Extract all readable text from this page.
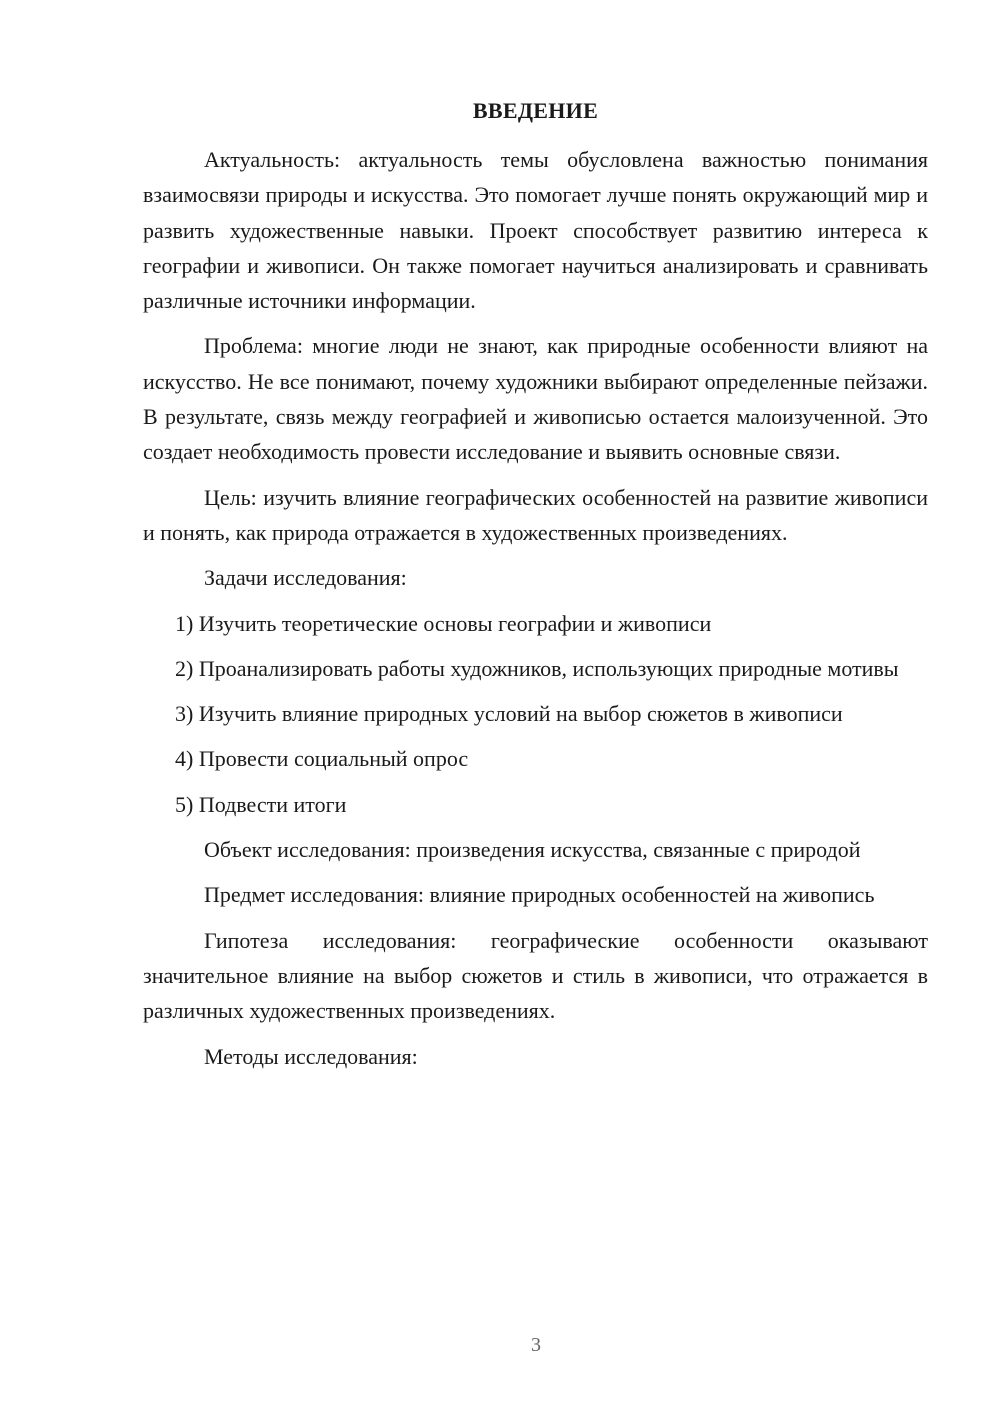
ВВЕДЕНИЕ

Актуальность: актуальность темы обусловлена важностью понимания взаимосвязи природы и искусства. Это помогает лучше понять окружающий мир и развить художественные навыки. Проект способствует развитию интереса к географии и живописи. Он также помогает научиться анализировать и сравнивать различные источники информации.

Проблема: многие люди не знают, как природные особенности влияют на искусство. Не все понимают, почему художники выбирают определенные пейзажи. В результате, связь между географией и живописью остается малоизученной. Это создает необходимость провести исследование и выявить основные связи.

Цель: изучить влияние географических особенностей на развитие живописи и понять, как природа отражается в художественных произведениях.

Задачи исследования:

1) Изучить теоретические основы географии и живописи

2) Проанализировать работы художников, использующих природные мотивы

3) Изучить влияние природных условий на выбор сюжетов в живописи

4) Провести социальный опрос

5) Подвести итоги

Объект исследования: произведения искусства, связанные с природой

Предмет исследования: влияние природных особенностей на живопись

Гипотеза исследования: географические особенности оказывают значительное влияние на выбор сюжетов и стиль в живописи, что отражается в различных художественных произведениях.

Методы исследования:

3
